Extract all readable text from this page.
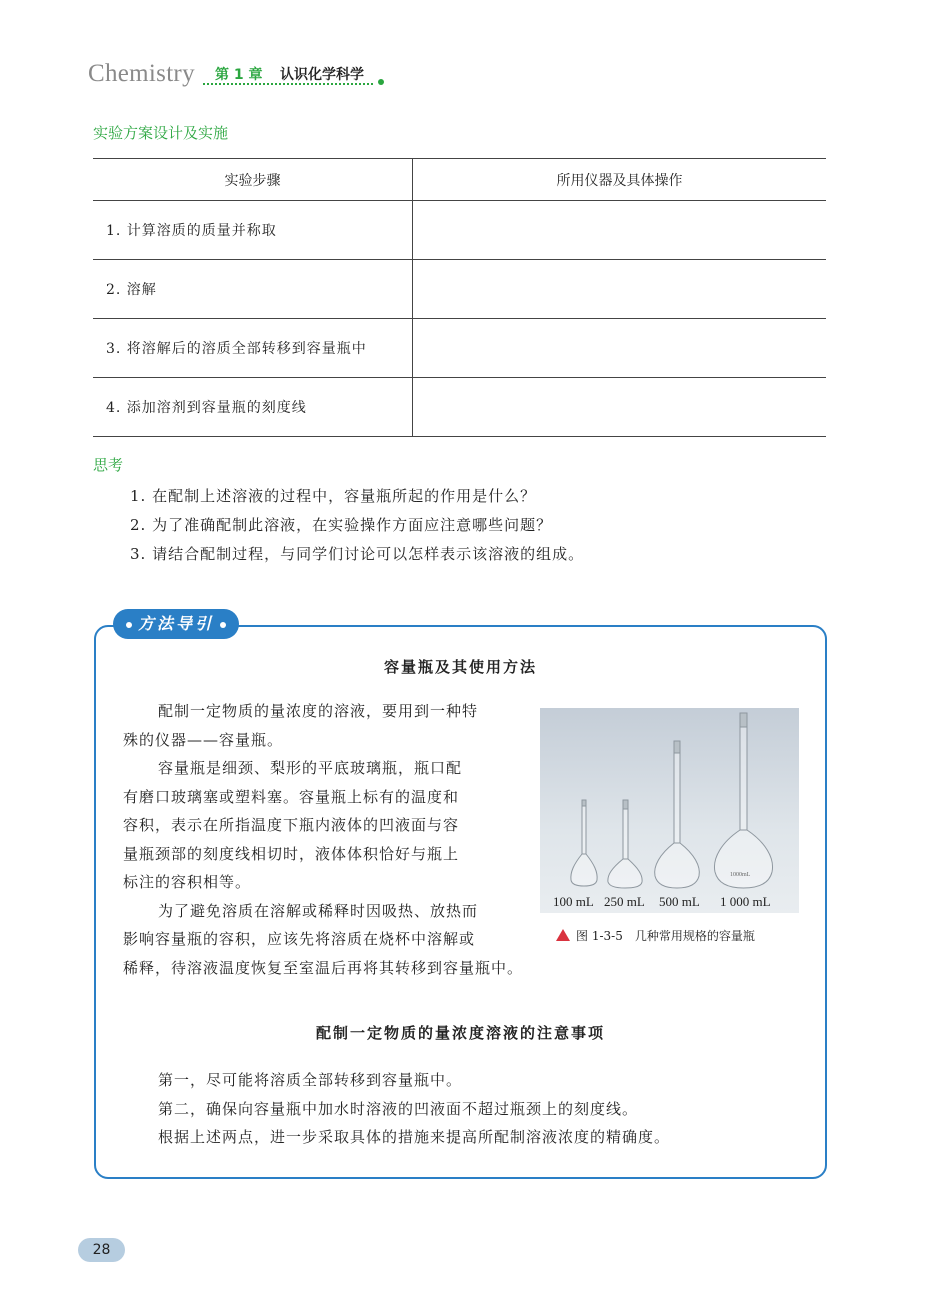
Chemistry 第 1 章 认识化学科学
实验方案设计及实施
实验步骤	所用仪器及具体操作
1. 计算溶质的质量并称取	
2. 溶解	
3. 将溶解后的溶质全部转移到容量瓶中	
4. 添加溶剂到容量瓶的刻度线	
思考
1. 在配制上述溶液的过程中，容量瓶所起的作用是什么？
2. 为了准确配制此溶液，在实验操作方面应注意哪些问题？
3. 请结合配制过程，与同学们讨论可以怎样表示该溶液的组成。
方法导引
容量瓶及其使用方法
配制一定物质的量浓度的溶液，要用到一种特
殊的仪器——容量瓶。
容量瓶是细颈、梨形的平底玻璃瓶，瓶口配
有磨口玻璃塞或塑料塞。容量瓶上标有的温度和
容积，表示在所指温度下瓶内液体的凹液面与容
量瓶颈部的刻度线相切时，液体体积恰好与瓶上
标注的容积相等。
为了避免溶质在溶解或稀释时因吸热、放热而
影响容量瓶的容积，应该先将溶质在烧杯中溶解或
稀释，待溶液温度恢复至室温后再将其转移到容量瓶中。
1000mL
100 mL 250 mL 500 mL 1 000 mL
图 1-3-5　几种常用规格的容量瓶
配制一定物质的量浓度溶液的注意事项
第一，尽可能将溶质全部转移到容量瓶中。
第二，确保向容量瓶中加水时溶液的凹液面不超过瓶颈上的刻度线。
根据上述两点，进一步采取具体的措施来提高所配制溶液浓度的精确度。
28
